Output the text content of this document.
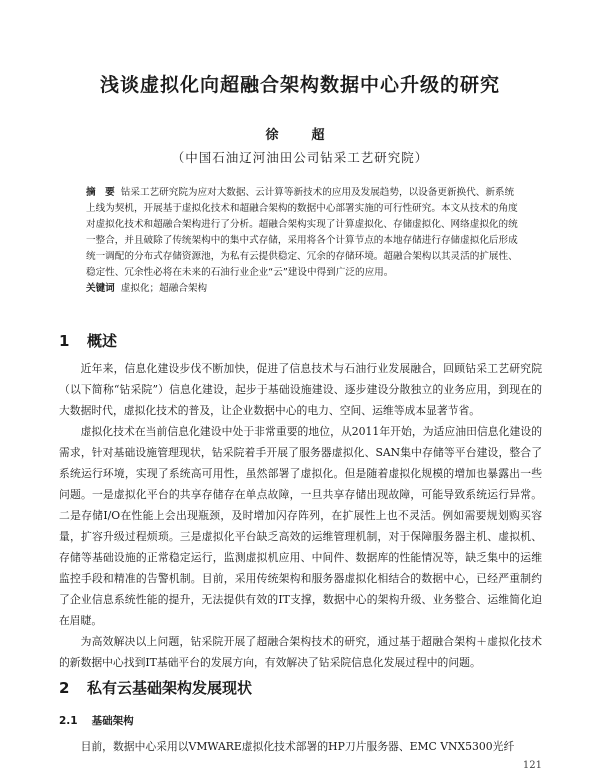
浅谈虚拟化向超融合架构数据中心升级的研究
徐　超
（中国石油辽河油田公司钻采工艺研究院）
摘　要 钻采工艺研究院为应对大数据、云计算等新技术的应用及发展趋势，以设备更新换代、新系统上线为契机，开展基于虚拟化技术和超融合架构的数据中心部署实施的可行性研究。本文从技术的角度对虚拟化技术和超融合架构进行了分析。超融合架构实现了计算虚拟化、存储虚拟化、网络虚拟化的统一整合，并且破除了传统架构中的集中式存储，采用将各个计算节点的本地存储进行存储虚拟化后形成统一调配的分布式存储资源池，为私有云提供稳定、冗余的存储环境。超融合架构以其灵活的扩展性、稳定性、冗余性必将在未来的石油行业企业“云”建设中得到广泛的应用。
关键词 虚拟化；超融合架构
1 概述

近年来，信息化建设步伐不断加快，促进了信息技术与石油行业发展融合，回顾钻采工艺研究院（以下简称“钻采院”）信息化建设，起步于基础设施建设、逐步建设分散独立的业务应用，到现在的大数据时代，虚拟化技术的普及，让企业数据中心的电力、空间、运维等成本显著节省。

虚拟化技术在当前信息化建设中处于非常重要的地位，从2011年开始，为适应油田信息化建设的需求，针对基础设施管理现状，钻采院着手开展了服务器虚拟化、SAN集中存储等平台建设，整合了系统运行环境，实现了系统高可用性，虽然部署了虚拟化。但是随着虚拟化规模的增加也暴露出一些问题。一是虚拟化平台的共享存储存在单点故障，一旦共享存储出现故障，可能导致系统运行异常。二是存储I/O在性能上会出现瓶颈，及时增加闪存阵列，在扩展性上也不灵活。例如需要规划购买容量，扩容升级过程烦琐。三是虚拟化平台缺乏高效的运维管理机制，对于保障服务器主机、虚拟机、存储等基础设施的正常稳定运行，监测虚拟机应用、中间件、数据库的性能情况等，缺乏集中的运维监控手段和精准的告警机制。目前，采用传统架构和服务器虚拟化相结合的数据中心，已经严重制约了企业信息系统性能的提升，无法提供有效的IT支撑，数据中心的架构升级、业务整合、运维简化迫在眉睫。

为高效解决以上问题，钻采院开展了超融合架构技术的研究，通过基于超融合架构＋虚拟化技术的新数据中心找到IT基础平台的发展方向，有效解决了钻采院信息化发展过程中的问题。

2 私有云基础架构发展现状
2.1 基础架构

目前，数据中心采用以VMWARE虚拟化技术部署的HP刀片服务器、EMC VNX5300光纤

121
